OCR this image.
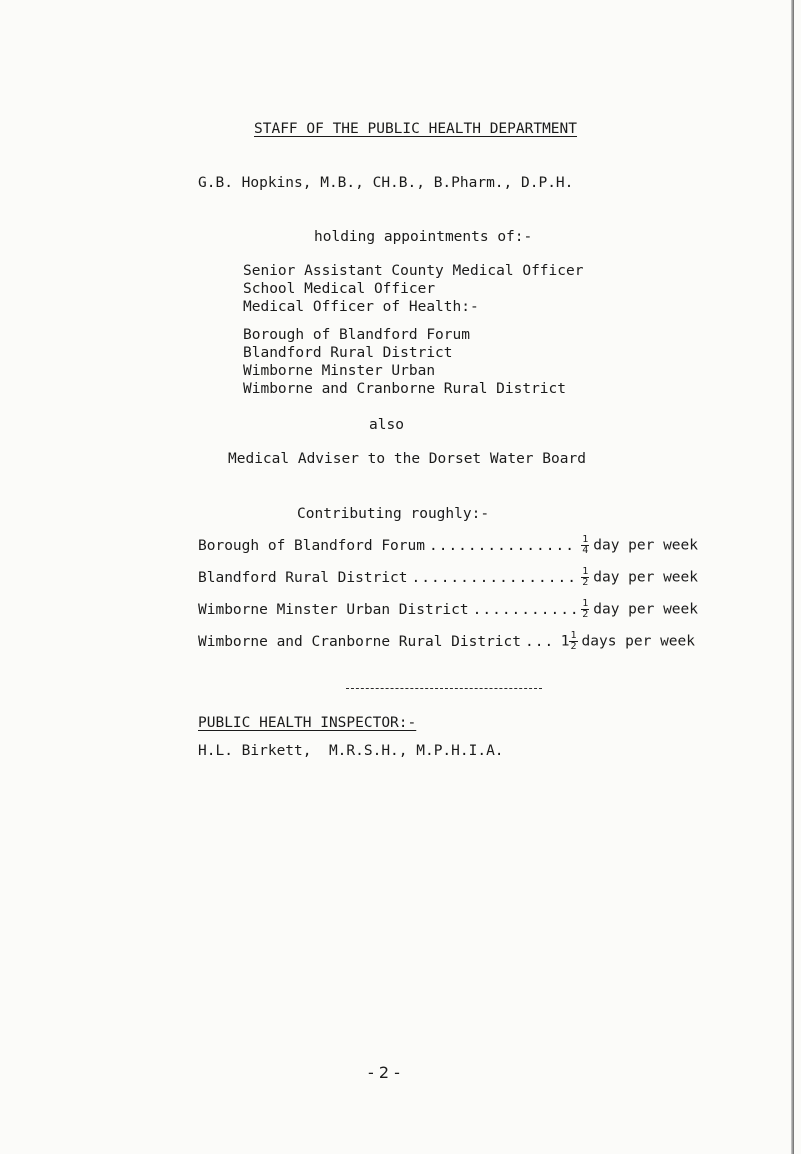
STAFF OF THE PUBLIC HEALTH DEPARTMENT
G.B. Hopkins, M.B., CH.B., B.Pharm., D.P.H.
holding appointments of:-
Senior Assistant County Medical Officer
School Medical Officer
Medical Officer of Health:-
Borough of Blandford Forum
Blandford Rural District
Wimborne Minster Urban
Wimborne and Cranborne Rural District
also
Medical Adviser to the Dorset Water Board
Contributing roughly:-
Borough of Blandford Forum .....	$\frac{1}{4}$ day per week
Blandford Rural District .....	$\frac{1}{2}$ day per week
Wimborne Minster Urban District .....	$\frac{1}{2}$ day per week
Wimborne and Cranborne Rural District .....	$1 \frac{1}{2}$ days per week
PUBLIC HEALTH INSPECTOR:-
H.L. Birkett,  M.R.S.H., M.P.H.I.A.
- 2 -
